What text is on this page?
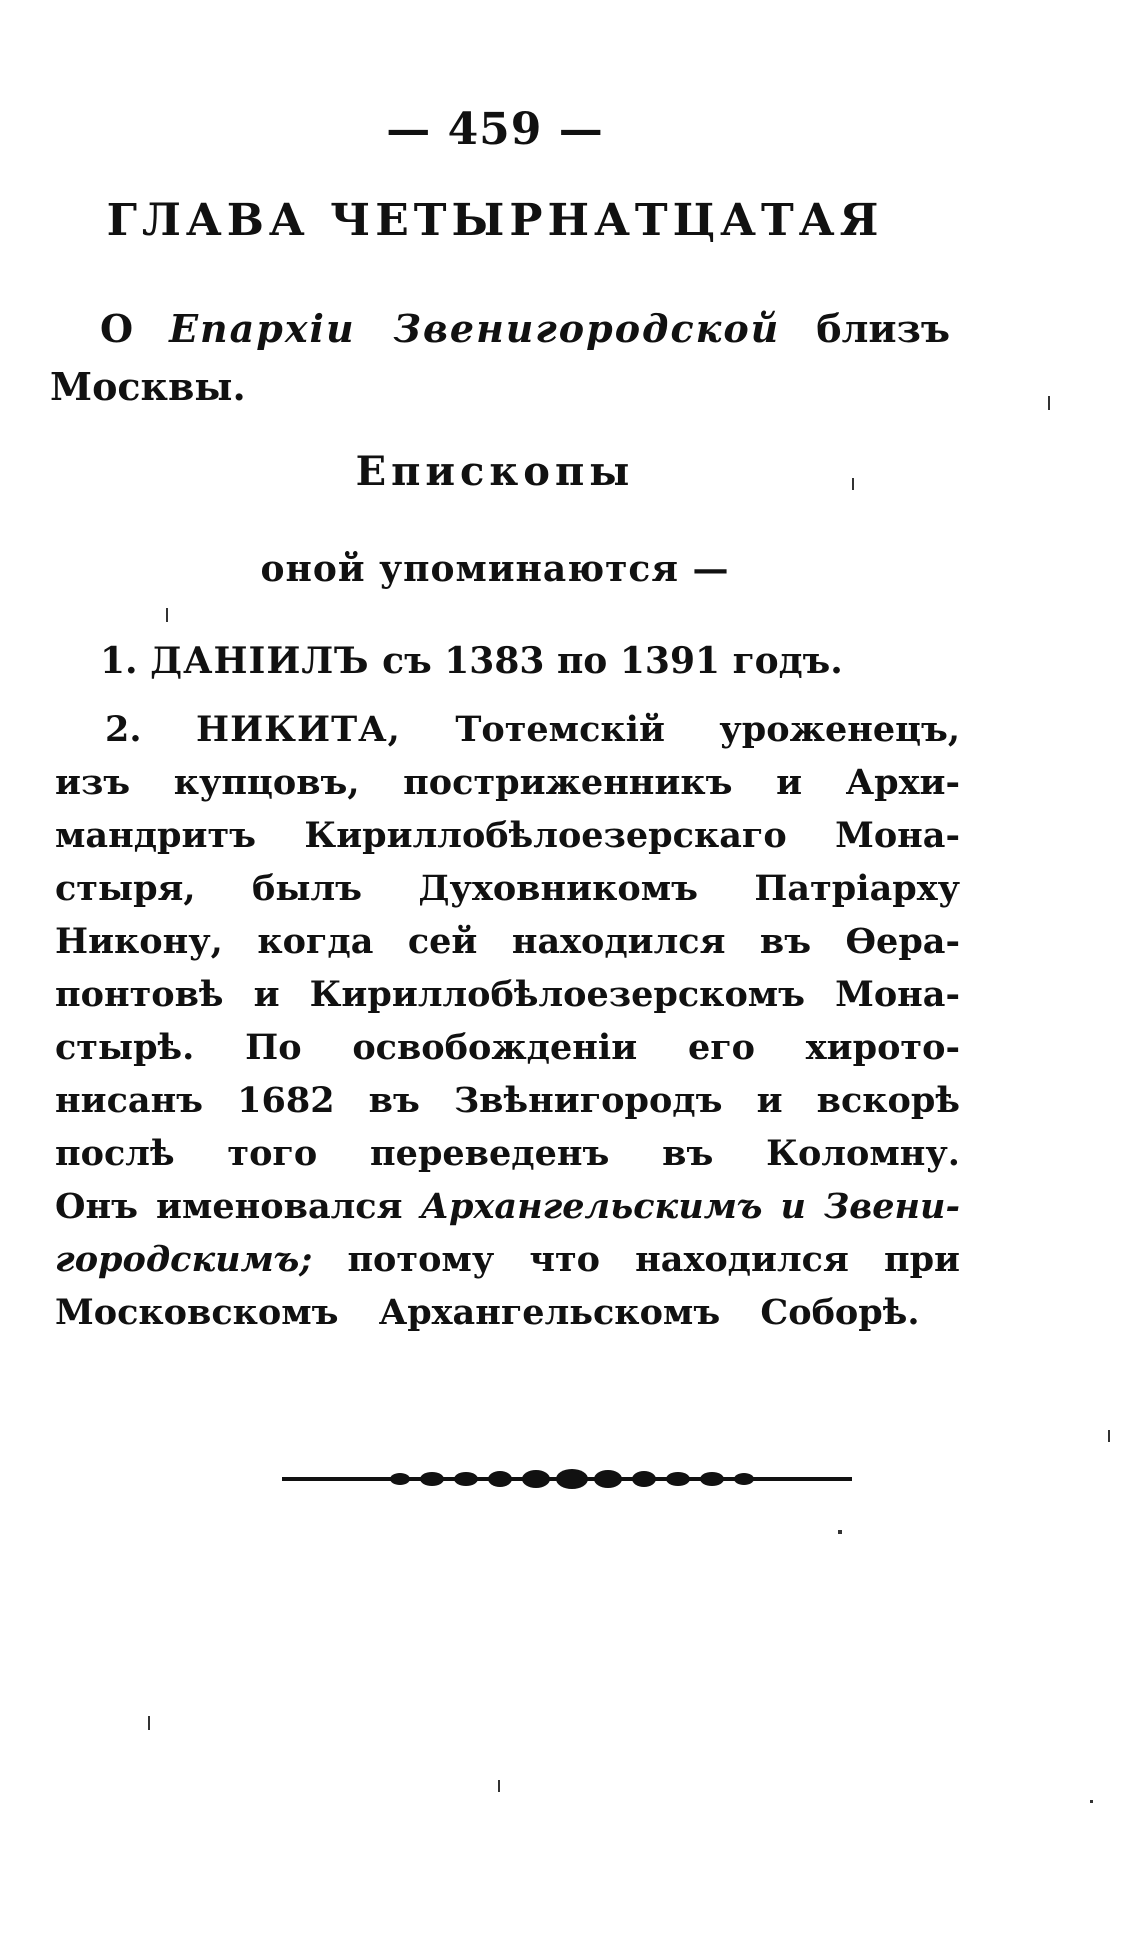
— 459 —
ГЛАВА ЧЕТЫРНАТЦАТАЯ
О Епархіи Звенигородской близъ
Москвы.
Епископы
оной упоминаются —
1. ДАНІИЛЪ съ 1383 по 1391 годъ.
2. НИКИТА, Тотемскій уроженецъ,
изъ купцовъ, постриженникъ и Архи-
мандритъ Кириллобѣлоезерскаго Мона-
стыря, былъ Духовникомъ Патріарху
Никону, когда сей находился въ Ѳера-
понтовѣ и Кириллобѣлоезерскомъ Мона-
стырѣ. По освобожденіи его хирото-
нисанъ 1682 въ Звѣнигородъ и вскорѣ
послѣ того переведенъ въ Коломну.
Онъ именовался Архангельскимъ и Звени-
городскимъ; потому что находился при
Московскомъ Архангельскомъ Соборѣ.
